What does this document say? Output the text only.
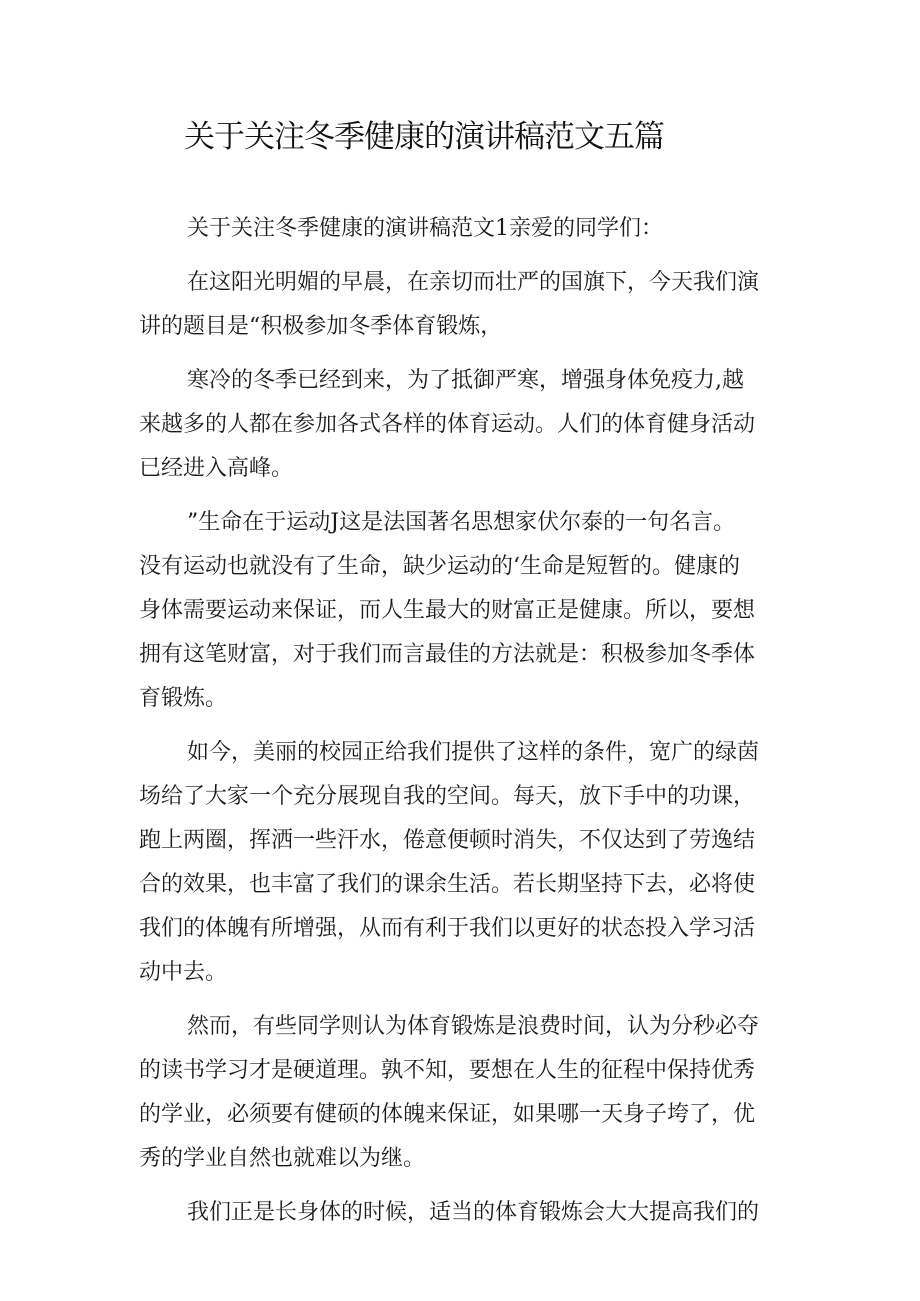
关于关注冬季健康的演讲稿范文五篇
关于关注冬季健康的演讲稿范文1亲爱的同学们：
在这阳光明媚的早晨，在亲切而壮严的国旗下，今天我们演
讲的题目是“积极参加冬季体育锻炼，
寒冷的冬季已经到来，为了抵御严寒，增强身体免疫力,越
来越多的人都在参加各式各样的体育运动。人们的体育健身活动
已经进入高峰。
”生命在于运动J这是法国著名思想家伏尔泰的一句名言。
没有运动也就没有了生命，缺少运动的‘生命是短暂的。健康的
身体需要运动来保证，而人生最大的财富正是健康。所以，要想
拥有这笔财富，对于我们而言最佳的方法就是：积极参加冬季体
育锻炼。
如今，美丽的校园正给我们提供了这样的条件，宽广的绿茵
场给了大家一个充分展现自我的空间。每天，放下手中的功课，
跑上两圈，挥洒一些汗水，倦意便顿时消失，不仅达到了劳逸结
合的效果，也丰富了我们的课余生活。若长期坚持下去，必将使
我们的体魄有所增强，从而有利于我们以更好的状态投入学习活
动中去。
然而，有些同学则认为体育锻炼是浪费时间，认为分秒必夺
的读书学习才是硬道理。孰不知，要想在人生的征程中保持优秀
的学业，必须要有健硕的体魄来保证，如果哪一天身子垮了，优
秀的学业自然也就难以为继。
我们正是长身体的时候，适当的体育锻炼会大大提高我们的
